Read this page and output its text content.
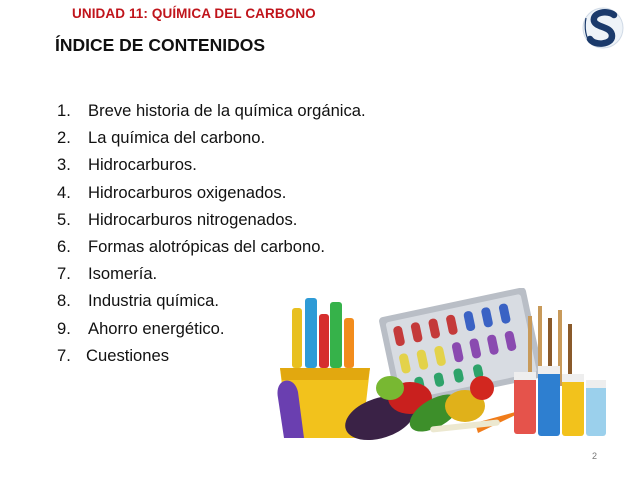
UNIDAD 11: QUÍMICA DEL CARBONO
ÍNDICE DE CONTENIDOS
1. Breve historia de la química orgánica.
2. La química del carbono.
3. Hidrocarburos.
4. Hidrocarburos oxigenados.
5. Hidrocarburos nitrogenados.
6. Formas alotrópicas del carbono.
7. Isomería.
8. Industria química.
9. Ahorro energético.
7. Cuestiones
2
